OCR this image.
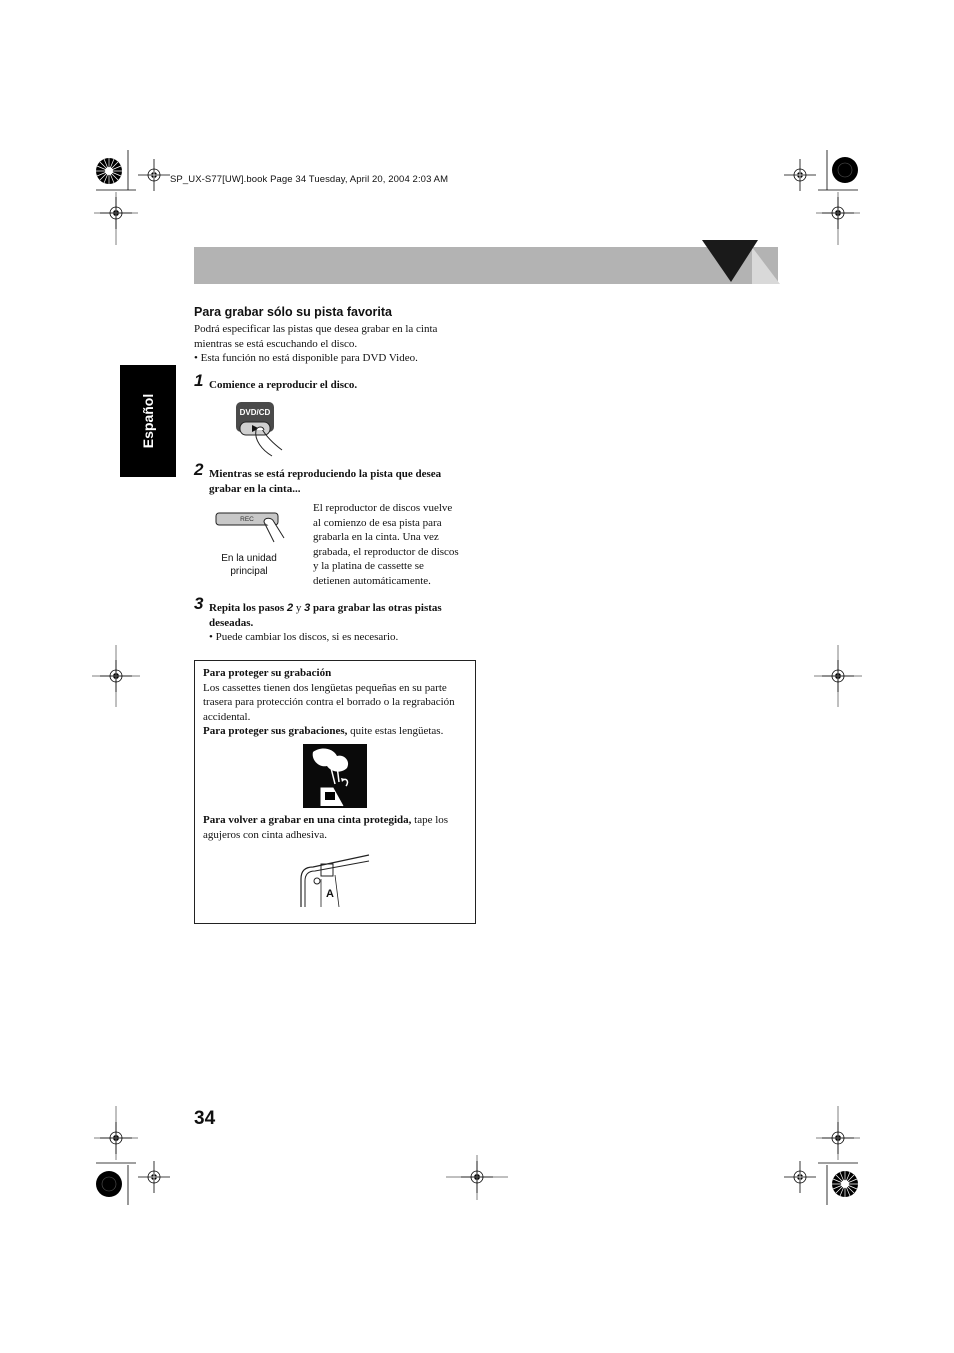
SP_UX-S77[UW].book Page 34 Tuesday, April 20, 2004 2:03 AM
Español
Para grabar sólo su pista favorita
Podrá especificar las pistas que desea grabar en la cinta
mientras se está escuchando el disco.
• Esta función no está disponible para DVD Video.
1 Comience a reproducir el disco.
DVD/CD
2 Mientras se está reproduciendo la pista que desea
grabar en la cinta...
REC
En la unidad
principal
El reproductor de discos vuelve
al comienzo de esa pista para
grabarla en la cinta. Una vez
grabada, el reproductor de discos
y la platina de cassette se
detienen automáticamente.
3 Repita los pasos 2 y 3 para grabar las otras pistas
deseadas.
• Puede cambiar los discos, si es necesario.
Para proteger su grabación
Los cassettes tienen dos lengüetas pequeñas en su parte
trasera para protección contra el borrado o la regrabación
accidental.
Para proteger sus grabaciones, quite estas lengüetas.
Para volver a grabar en una cinta protegida, tape los
agujeros con cinta adhesiva.
A
34
